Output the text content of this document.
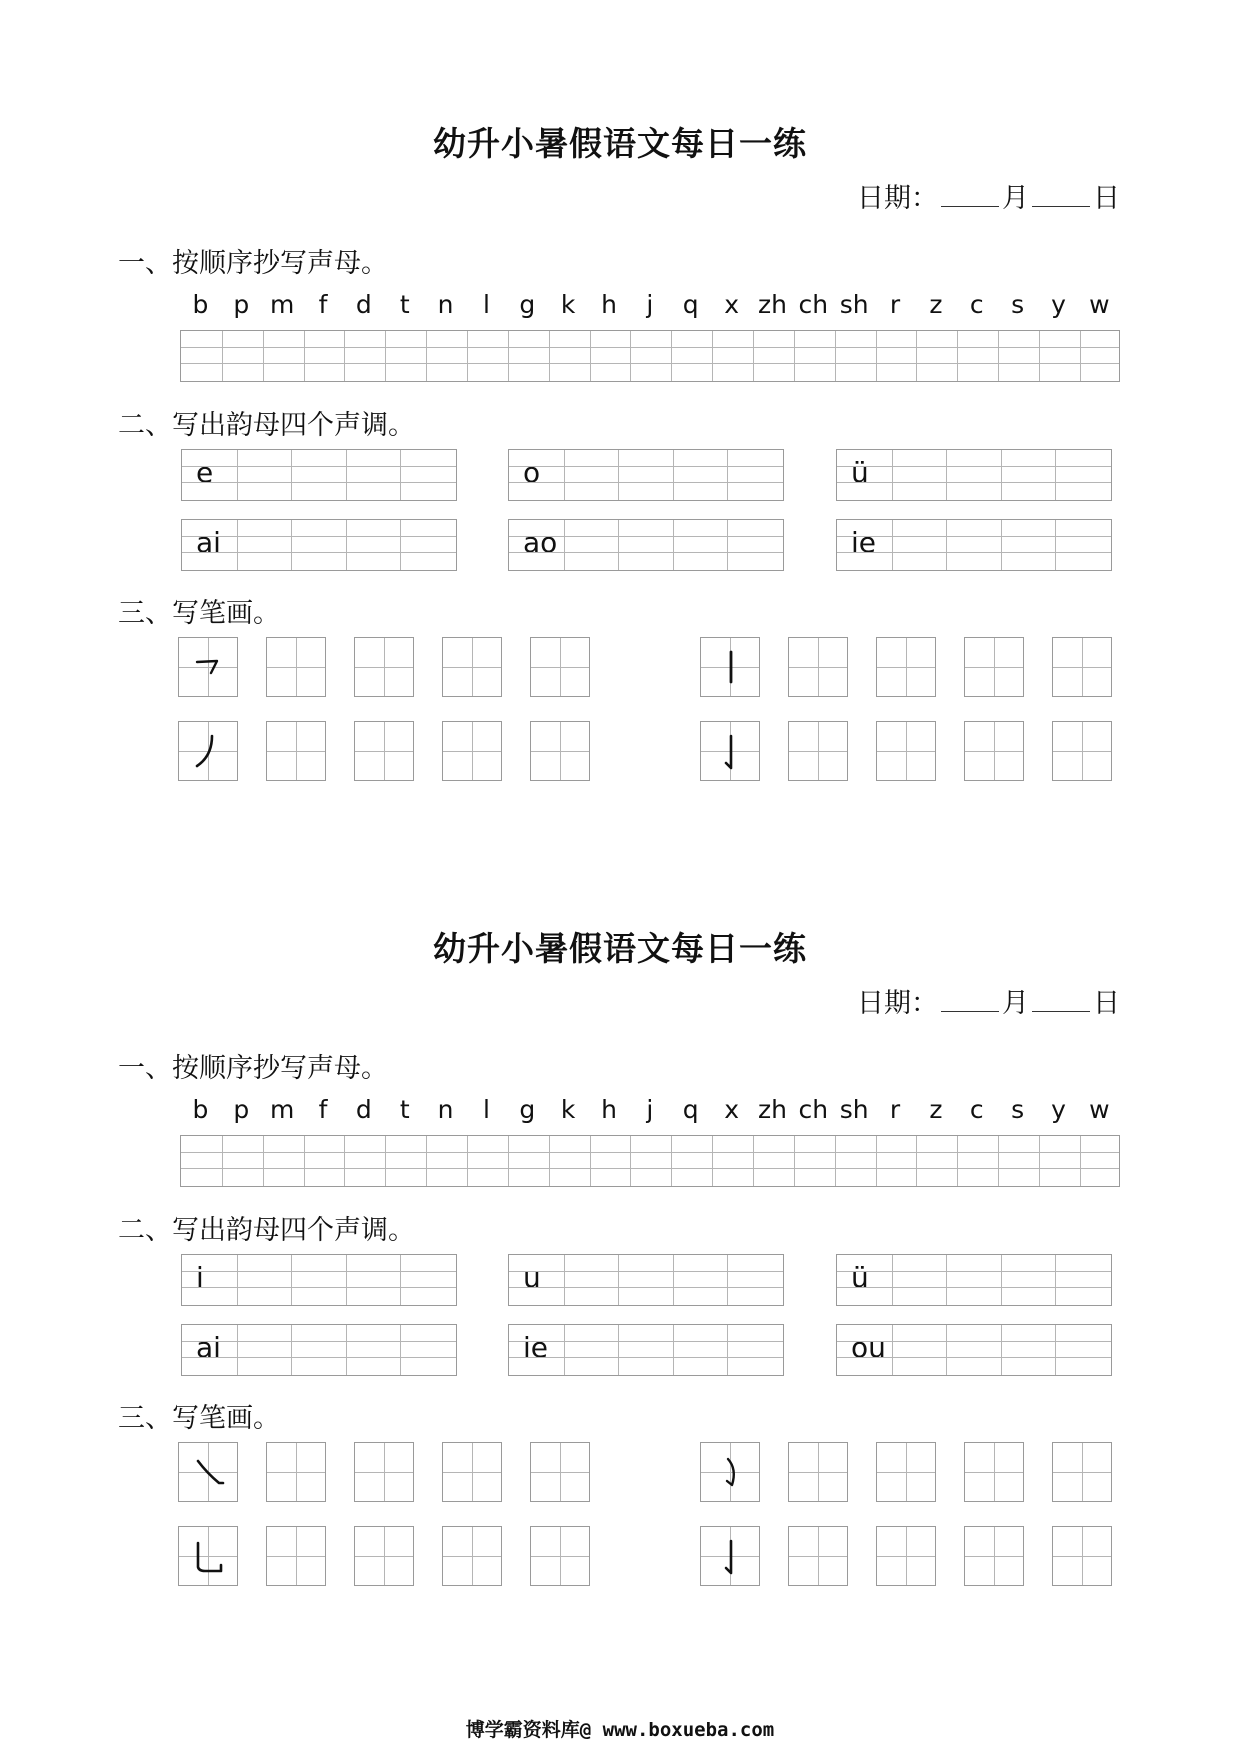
幼升小暑假语文每日一练
日期： 月 日
一、按顺序抄写声母。
b p m f	d	t	n	l	g	k	h	j	q	x zh ch sh r	z	c	s	y w
二、写出韵母四个声调。
e	o	ü
ai	ao	ie
三、写笔画。
幼升小暑假语文每日一练
日期： 月 日
一、按顺序抄写声母。
b p m f	d	t	n	l	g	k	h	j	q	x zh ch sh r	z	c	s	y w
二、写出韵母四个声调。
i	u	ü
ai	ie	ou
三、写笔画。

博学霸资料库@ www.boxueba.com
